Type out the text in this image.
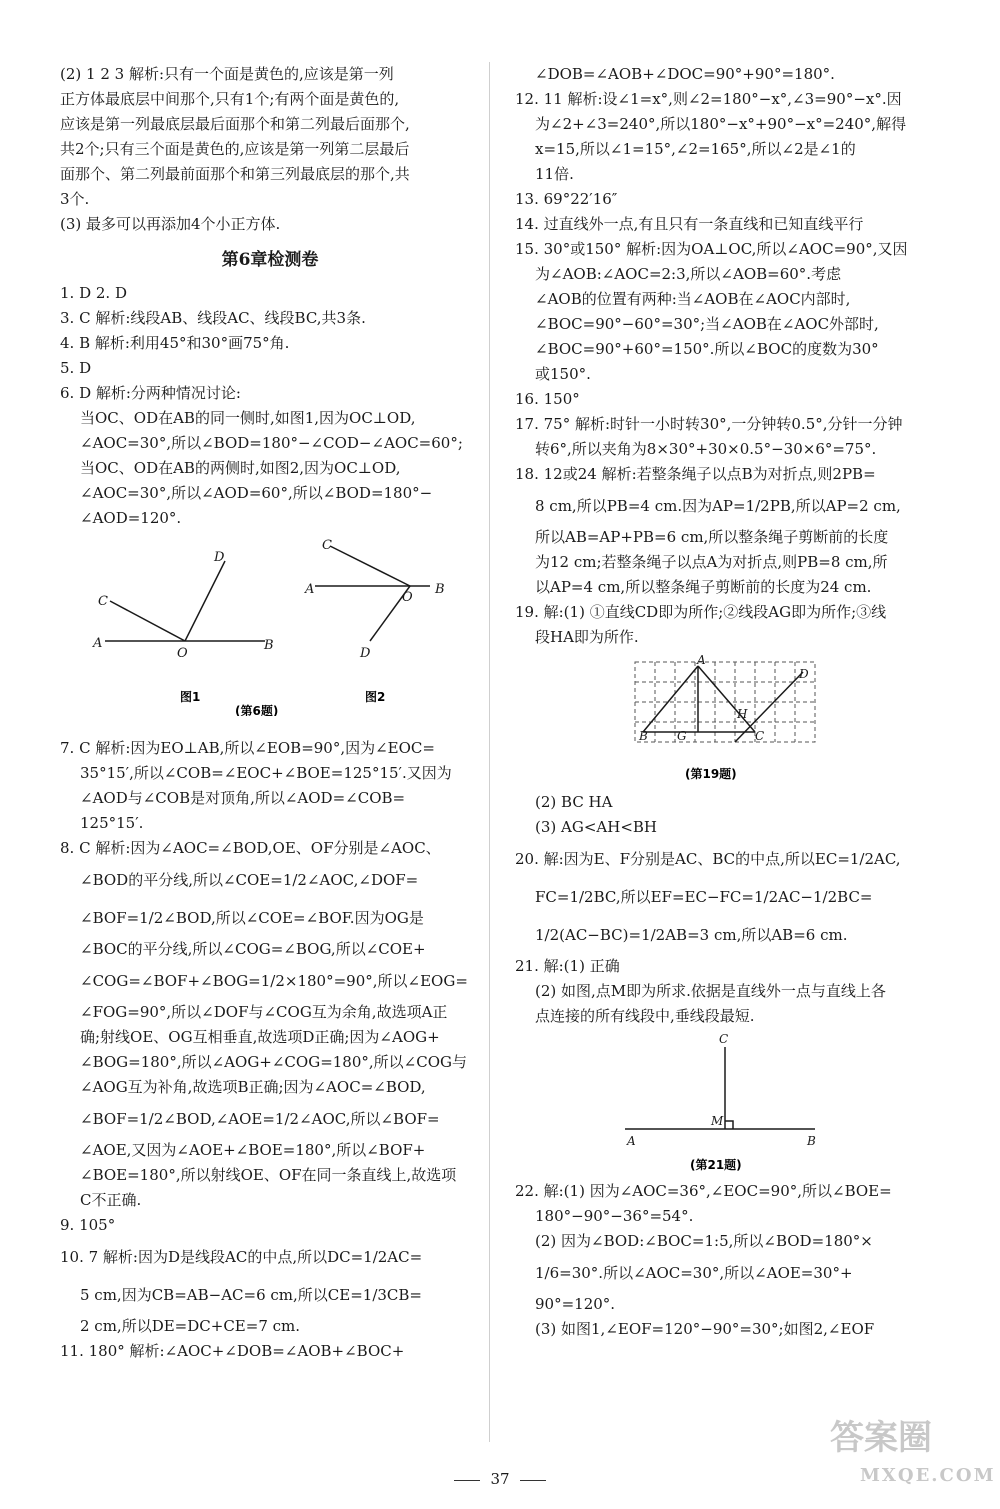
(2) 1 2 3 解析:只有一个面是黄色的,应该是第一列
正方体最底层中间那个,只有1个;有两个面是黄色的,
应该是第一列最底层最后面那个和第二列最后面那个,
共2个;只有三个面是黄色的,应该是第一列第二层最后
面那个、第二列最前面那个和第三列最底层的那个,共
3个.
(3) 最多可以再添加4个小正方体.
第6章检测卷
1. D 2. D
3. C 解析:线段AB、线段AC、线段BC,共3条.
4. B 解析:利用45°和30°画75°角.
5. D
6. D 解析:分两种情况讨论:
当OC、OD在AB的同一侧时,如图1,因为OC⊥OD,
∠AOC=30°,所以∠BOD=180°−∠COD−∠AOC=60°;
当OC、OD在AB的两侧时,如图2,因为OC⊥OD,
∠AOC=30°,所以∠AOD=60°,所以∠BOD=180°−
∠AOD=120°.
D
C
A
O
B
C
A
O
B
D
图1	图2
(第6题)
7. C 解析:因为EO⊥AB,所以∠EOB=90°,因为∠EOC=
35°15′,所以∠COB=∠EOC+∠BOE=125°15′.又因为
∠AOD与∠COB是对顶角,所以∠AOD=∠COB=
125°15′.
8. C 解析:因为∠AOC=∠BOD,OE、OF分别是∠AOC、
∠BOD的平分线,所以∠COE=1/2∠AOC,∠DOF=
∠BOF=1/2∠BOD,所以∠COE=∠BOF.因为OG是
∠BOC的平分线,所以∠COG=∠BOG,所以∠COE+
∠COG=∠BOF+∠BOG=1/2×180°=90°,所以∠EOG=
∠FOG=90°,所以∠DOF与∠COG互为余角,故选项A正
确;射线OE、OG互相垂直,故选项D正确;因为∠AOG+
∠BOG=180°,所以∠AOG+∠COG=180°,所以∠COG与
∠AOG互为补角,故选项B正确;因为∠AOC=∠BOD,
∠BOF=1/2∠BOD,∠AOE=1/2∠AOC,所以∠BOF=
∠AOE,又因为∠AOE+∠BOE=180°,所以∠BOF+
∠BOE=180°,所以射线OE、OF在同一条直线上,故选项
C不正确.
9. 105°
10. 7 解析:因为D是线段AC的中点,所以DC=1/2AC=
5 cm,因为CB=AB−AC=6 cm,所以CE=1/3CB=
2 cm,所以DE=DC+CE=7 cm.
11. 180° 解析:∠AOC+∠DOB=∠AOB+∠BOC+
∠DOB=∠AOB+∠DOC=90°+90°=180°.
12. 11 解析:设∠1=x°,则∠2=180°−x°,∠3=90°−x°.因
为∠2+∠3=240°,所以180°−x°+90°−x°=240°,解得
x=15,所以∠1=15°,∠2=165°,所以∠2是∠1的
11倍.
13. 69°22′16″
14. 过直线外一点,有且只有一条直线和已知直线平行
15. 30°或150° 解析:因为OA⊥OC,所以∠AOC=90°,又因
为∠AOB:∠AOC=2:3,所以∠AOB=60°.考虑
∠AOB的位置有两种:当∠AOB在∠AOC内部时,
∠BOC=90°−60°=30°;当∠AOB在∠AOC外部时,
∠BOC=90°+60°=150°.所以∠BOC的度数为30°
或150°.
16. 150°
17. 75° 解析:时针一小时转30°,一分钟转0.5°,分针一分钟
转6°,所以夹角为8×30°+30×0.5°−30×6°=75°.
18. 12或24 解析:若整条绳子以点B为对折点,则2PB=
8 cm,所以PB=4 cm.因为AP=1/2PB,所以AP=2 cm,
所以AB=AP+PB=6 cm,所以整条绳子剪断前的长度
为12 cm;若整条绳子以点A为对折点,则PB=8 cm,所
以AP=4 cm,所以整条绳子剪断前的长度为24 cm.
19. 解:(1) ①直线CD即为所作;②线段AG即为所作;③线
段HA即为所作.
A
D
H
B G	C
(第19题)
(2) BC HA
(3) AG<AH<BH
20. 解:因为E、F分别是AC、BC的中点,所以EC=1/2AC,
FC=1/2BC,所以EF=EC−FC=1/2AC−1/2BC=
1/2(AC−BC)=1/2AB=3 cm,所以AB=6 cm.
21. 解:(1) 正确
(2) 如图,点M即为所求.依据是直线外一点与直线上各
点连接的所有线段中,垂线段最短.
C
M
A	B
(第21题)
22. 解:(1) 因为∠AOC=36°,∠EOC=90°,所以∠BOE=
180°−90°−36°=54°.
(2) 因为∠BOD:∠BOC=1:5,所以∠BOD=180°×
1/6=30°.所以∠AOC=30°,所以∠AOE=30°+
90°=120°.
(3) 如图1,∠EOF=120°−90°=30°;如图2,∠EOF
37
答案圈
MXQE.COM
